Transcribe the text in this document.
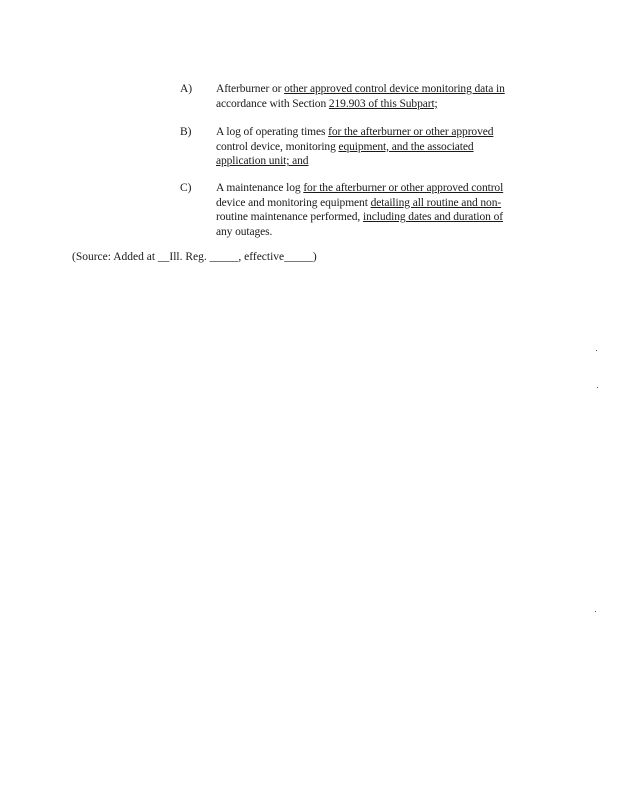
A)	Afterburner or other approved control device monitoring data in
accordance with Section 219.903 of this Subpart;
B)	A log of operating times for the afterburner or other approved
control device, monitoring equipment, and the associated
application unit; and
C)	A maintenance log for the afterburner or other approved control
device and monitoring equipment detailing all routine and non-
routine maintenance performed, including dates and duration of
any outages.
(Source: Added at __Ill. Reg. _____, effective_____)
